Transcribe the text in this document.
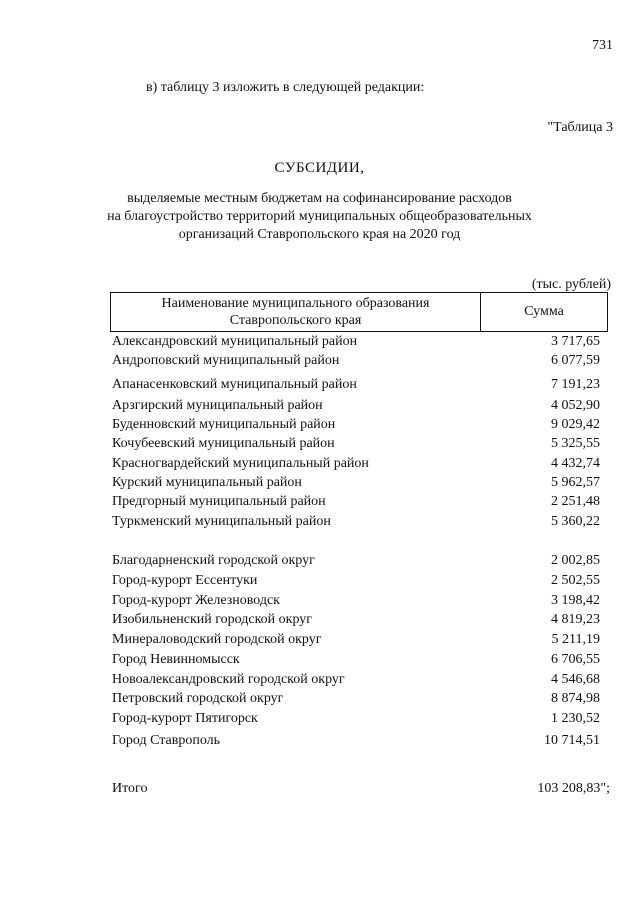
731
в) таблицу 3 изложить в следующей редакции:
"Таблица 3
СУБСИДИИ,
выделяемые местным бюджетам на софинансирование расходов
на благоустройство территорий муниципальных общеобразовательных
организаций Ставропольского края на 2020 год
(тыс. рублей)
Наименование муниципального образования Ставропольского края
Сумма
Александровский муниципальный район	3 717,65
Андроповский муниципальный район	6 077,59
Апанасенковский муниципальный район	7 191,23
Арзгирский муниципальный район	4 052,90
Буденновский муниципальный район	9 029,42
Кочубеевский муниципальный район	5 325,55
Красногвардейский муниципальный район	4 432,74
Курский муниципальный район	5 962,57
Предгорный муниципальный район	2 251,48
Туркменский муниципальный район	5 360,22
Благодарненский городской округ	2 002,85
Город-курорт Ессентуки	2 502,55
Город-курорт Железноводск	3 198,42
Изобильненский городской округ	4 819,23
Минераловодский городской округ	5 211,19
Город Невинномысск	6 706,55
Новоалександровский городской округ	4 546,68
Петровский городской округ	8 874,98
Город-курорт Пятигорск	1 230,52
Город Ставрополь	10 714,51
Итого	103 208,83";
